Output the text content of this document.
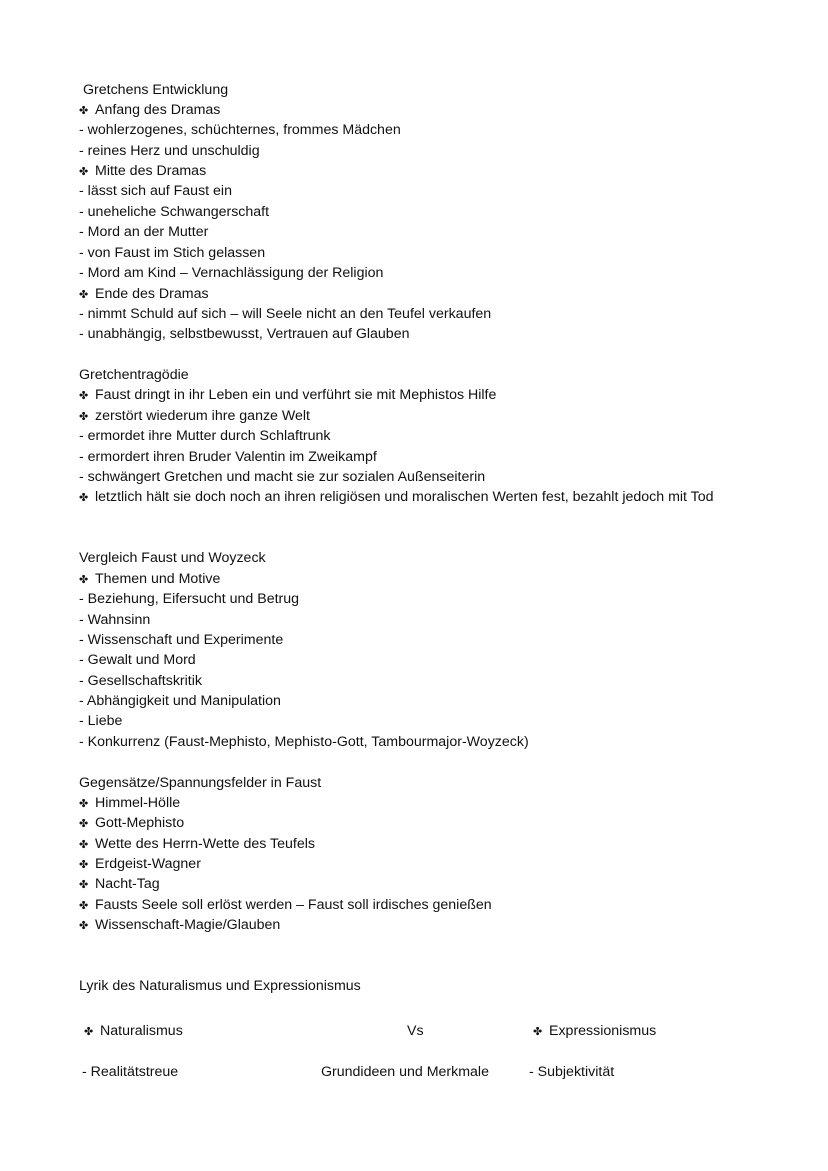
Gretchens Entwicklung
✤ Anfang des Dramas
- wohlerzogenes, schüchternes, frommes Mädchen
- reines Herz und unschuldig
✤ Mitte des Dramas
- lässt sich auf Faust ein
- uneheliche Schwangerschaft
- Mord an der Mutter
- von Faust im Stich gelassen
- Mord am Kind – Vernachlässigung der Religion
✤ Ende des Dramas
- nimmt Schuld auf sich – will Seele nicht an den Teufel verkaufen
- unabhängig, selbstbewusst, Vertrauen auf Glauben
Gretchentragödie
✤ Faust dringt in ihr Leben ein und verführt sie mit Mephistos Hilfe
✤ zerstört wiederum ihre ganze Welt
- ermordet ihre Mutter durch Schlaftrunk
- ermordert ihren Bruder Valentin im Zweikampf
- schwängert Gretchen und macht sie zur sozialen Außenseiterin
✤ letztlich hält sie doch noch an ihren religiösen und moralischen Werten fest, bezahlt jedoch mit Tod
Vergleich Faust und Woyzeck
✤ Themen und Motive
- Beziehung, Eifersucht und Betrug
- Wahnsinn
- Wissenschaft und Experimente
- Gewalt und Mord
- Gesellschaftskritik
- Abhängigkeit und Manipulation
- Liebe
- Konkurrenz (Faust-Mephisto, Mephisto-Gott, Tambourmajor-Woyzeck)
Gegensätze/Spannungsfelder in Faust
✤ Himmel-Hölle
✤ Gott-Mephisto
✤ Wette des Herrn-Wette des Teufels
✤ Erdgeist-Wagner
✤ Nacht-Tag
✤ Fausts Seele soll erlöst werden – Faust soll irdisches genießen
✤ Wissenschaft-Magie/Glauben
Lyrik des Naturalismus und Expressionismus
✤ Naturalismus	Vs	✤ Expressionismus
- Realitätstreue	Grundideen und Merkmale	- Subjektivität
